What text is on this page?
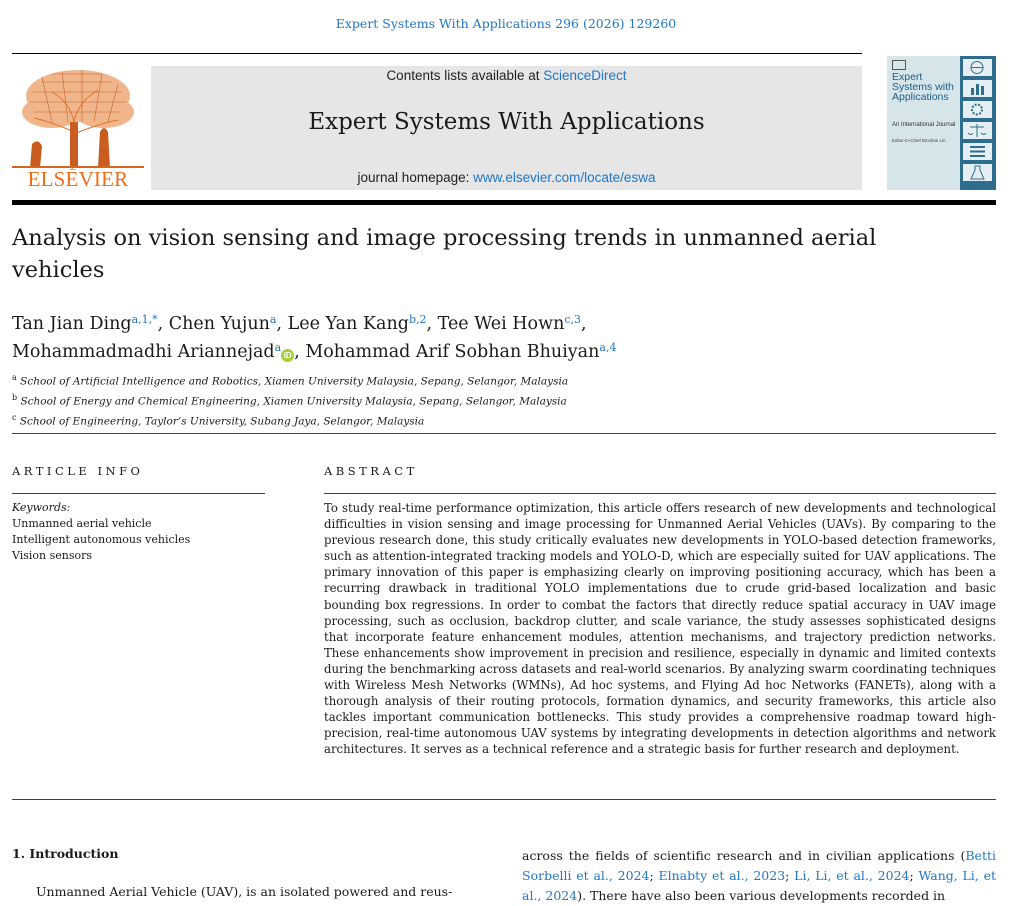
Expert Systems With Applications 296 (2026) 129260
ELSEVIER
Contents lists available at ScienceDirect
Expert Systems With Applications
journal homepage: www.elsevier.com/locate/eswa
Expert Systems with Applications
An International Journal
Editor-in-Chief Binshan Lin
Analysis on vision sensing and image processing trends in unmanned aerial vehicles
Tan Jian Ding$^{a,1,*}$, Chen Yujun$^a$, Lee Yan Kang$^{b,2}$, Tee Wei Hown$^{c,3}$,
Mohammadmadhi Ariannejad$^a$iD , Mohammad Arif Sobhan Bhuiyan$^{a,4}$
$^a$ School of Artificial Intelligence and Robotics, Xiamen University Malaysia, Sepang, Selangor, Malaysia
$^b$ School of Energy and Chemical Engineering, Xiamen University Malaysia, Sepang, Selangor, Malaysia
$^c$ School of Engineering, Taylor’s University, Subang Jaya, Selangor, Malaysia
ARTICLE INFO
Keywords:
Unmanned aerial vehicle
Intelligent autonomous vehicles
Vision sensors
ABSTRACT
To study real-time performance optimization, this article offers research of new developments and technological difficulties in vision sensing and image processing for Unmanned Aerial Vehicles (UAVs). By comparing to the previous research done, this study critically evaluates new developments in YOLO-based detection frameworks, such as attention-integrated tracking models and YOLO-D, which are especially suited for UAV applications. The primary innovation of this paper is emphasizing clearly on improving positioning accuracy, which has been a recurring drawback in traditional YOLO implementations due to crude grid-based localization and basic bounding box regressions. In order to combat the factors that directly reduce spatial accuracy in UAV image processing, such as occlusion, backdrop clutter, and scale variance, the study assesses sophisticated designs that incorporate feature enhancement modules, attention mechanisms, and trajectory prediction networks. These enhancements show improvement in precision and resilience, especially in dynamic and limited contexts during the benchmarking across datasets and real-world scenarios. By analyzing swarm coordinating techniques with Wireless Mesh Networks (WMNs), Ad hoc systems, and Flying Ad hoc Networks (FANETs), along with a thorough analysis of their routing protocols, formation dynamics, and security frameworks, this article also tackles important communication bottlenecks. This study provides a comprehensive roadmap toward high-precision, real-time autonomous UAV systems by integrating developments in detection algorithms and network architectures. It serves as a technical reference and a strategic basis for further research and deployment.
1. Introduction
Unmanned Aerial Vehicle (UAV), is an isolated powered and reus-
across the fields of scientific research and in civilian applications (Betti Sorbelli et al., 2024; Elnabty et al., 2023; Li, Li, et al., 2024; Wang, Li, et al., 2024). There have also been various developments recorded in
